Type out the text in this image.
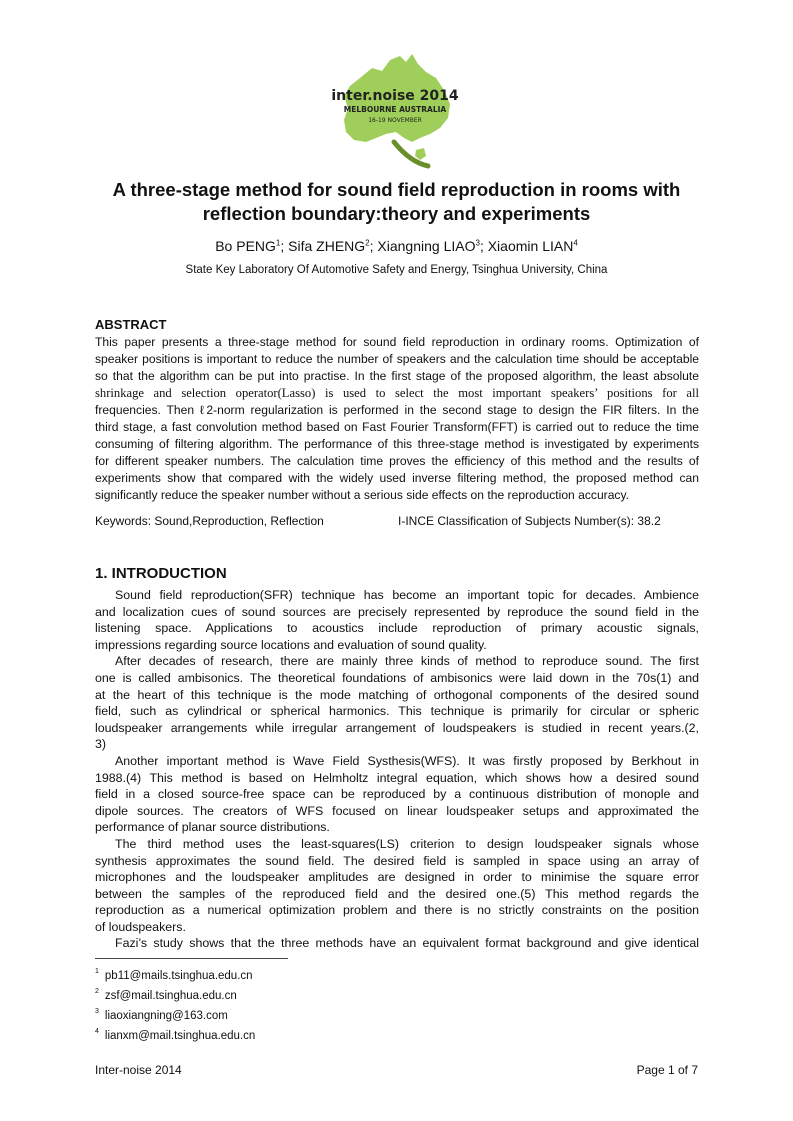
inter.noise 2014
MELBOURNE AUSTRALIA
16-19 NOVEMBER
A three-stage method for sound field reproduction in rooms with
reflection boundary:theory and experiments
Bo PENG$^1$; Sifa ZHENG$^2$; Xiangning LIAO$^3$; Xiaomin LIAN$^4$
State Key Laboratory Of Automotive Safety and Energy, Tsinghua University, China
ABSTRACT
This paper presents a three-stage method for sound field reproduction in ordinary rooms. Optimization of
speaker positions is important to reduce the number of speakers and the calculation time should be acceptable
so that the algorithm can be put into practise. In the first stage of the proposed algorithm, the least absolute
shrinkage and selection operator(Lasso) is used to select the most important speakers’ positions for all
frequencies. Then ℓ2-norm regularization is performed in the second stage to design the FIR filters. In the
third stage, a fast convolution method based on Fast Fourier Transform(FFT) is carried out to reduce the time
consuming of filtering algorithm. The performance of this three-stage method is investigated by experiments
for different speaker numbers. The calculation time proves the efficiency of this method and the results of
experiments show that compared with the widely used inverse filtering method, the proposed method can
significantly reduce the speaker number without a serious side effects on the reproduction accuracy.
Keywords: Sound,Reproduction, Reflection	I-INCE Classification of Subjects Number(s): 38.2
1. INTRODUCTION
Sound field reproduction(SFR) technique has become an important topic for decades. Ambience
and localization cues of sound sources are precisely represented by reproduce the sound field in the
listening space. Applications to acoustics include reproduction of primary acoustic signals,
impressions regarding source locations and evaluation of sound quality.
After decades of research, there are mainly three kinds of method to reproduce sound. The first
one is called ambisonics. The theoretical foundations of ambisonics were laid down in the 70s(1) and
at the heart of this technique is the mode matching of orthogonal components of the desired sound
field, such as cylindrical or spherical harmonics. This technique is primarily for circular or spheric
loudspeaker arrangements while irregular arrangement of loudspeakers is studied in recent years.(2,
3)
Another important method is Wave Field Systhesis(WFS). It was firstly proposed by Berkhout in
1988.(4) This method is based on Helmholtz integral equation, which shows how a desired sound
field in a closed source-free space can be reproduced by a continuous distribution of monople and
dipole sources. The creators of WFS focused on linear loudspeaker setups and approximated the
performance of planar source distributions.
The third method uses the least-squares(LS) criterion to design loudspeaker signals whose
synthesis approximates the sound field. The desired field is sampled in space using an array of
microphones and the loudspeaker amplitudes are designed in order to minimise the square error
between the samples of the reproduced field and the desired one.(5) This method regards the
reproduction as a numerical optimization problem and there is no strictly constraints on the position
of loudspeakers.
Fazi’s study shows that the three methods have an equivalent format background and give identical
$^1$ pb11@mails.tsinghua.edu.cn
$^2$ zsf@mail.tsinghua.edu.cn
$^3$ liaoxiangning@163.com
$^4$ lianxm@mail.tsinghua.edu.cn
Inter-noise 2014	Page 1 of 7
